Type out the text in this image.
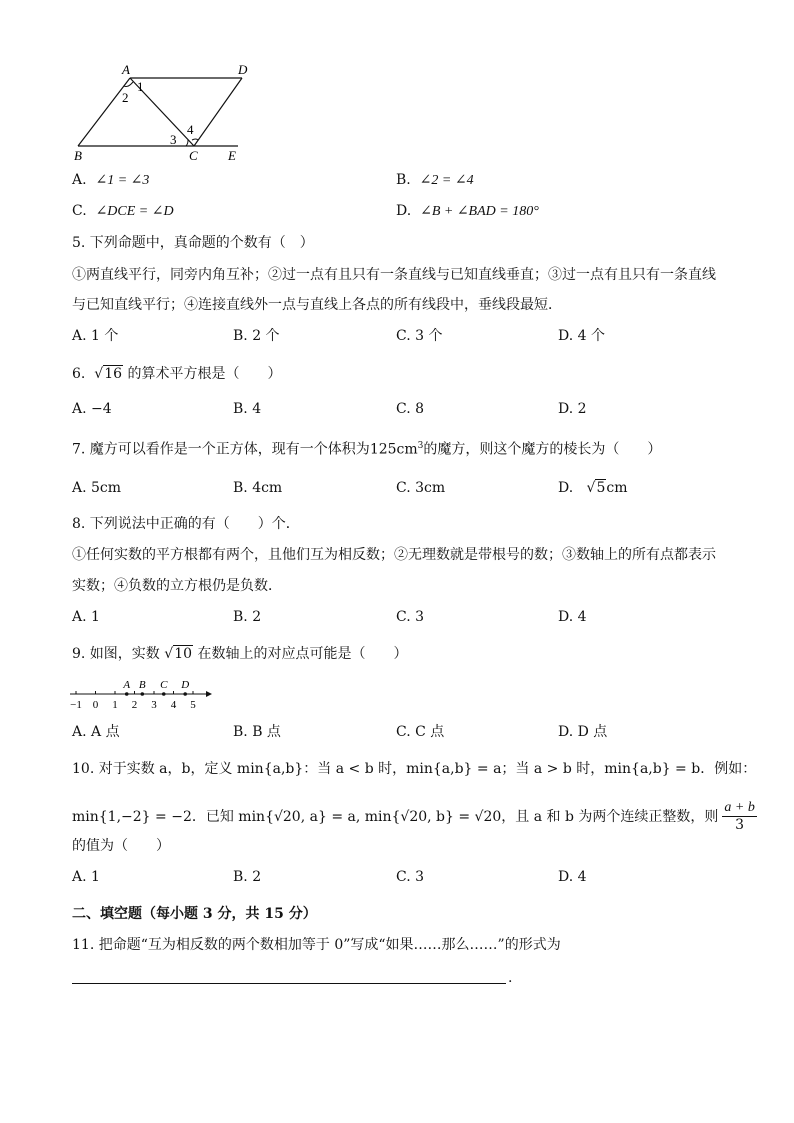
A	D
B	C E
1
2
3
4
A. ∠1 = ∠3	B. ∠2 = ∠4
C. ∠DCE = ∠D	D. ∠B + ∠BAD = 180°
5. 下列命题中，真命题的个数有（　）
①两直线平行，同旁内角互补；②过一点有且只有一条直线与已知直线垂直；③过一点有且只有一条直线
与已知直线平行；④连接直线外一点与直线上各点的所有线段中，垂线段最短．
A. 1 个	B. 2 个	C. 3 个	D. 4 个
6. √16 的算术平方根是（　　）
A. −4	B. 4	C. 8	D. 2
7. 魔方可以看作是一个正方体，现有一个体积为$125cm^3$的魔方，则这个魔方的棱长为（　　）
A. 5cm	B. 4cm	C. 3cm	D. √5cm
8. 下列说法中正确的有（　　）个．
①任何实数的平方根都有两个，且他们互为相反数；②无理数就是带根号的数；③数轴上的所有点都表示
实数；④负数的立方根仍是负数．
A. 1	B. 2	C. 3	D. 4
9. 如图，实数 √10 在数轴上的对应点可能是（　　）
−1 0 1 2 3 4 5
A B C D
A. A 点	B. B 点	C. C 点	D. D 点
10. 对于实数 a，b，定义 min{a,b}：当 a < b 时，min{a,b} = a；当 a > b 时，min{a,b} = b．例如：
min{1,−2} = −2．已知 min{√20, a} = a, min{√20, b} = √20，且 a 和 b 为两个连续正整数，则 $\frac{a + b}{3}$
的值为（　　）
A. 1	B. 2	C. 3	D. 4
二、填空题（每小题 3 分，共 15 分）
11. 把命题“互为相反数的两个数相加等于 0”写成“如果……那么……”的形式为
.
